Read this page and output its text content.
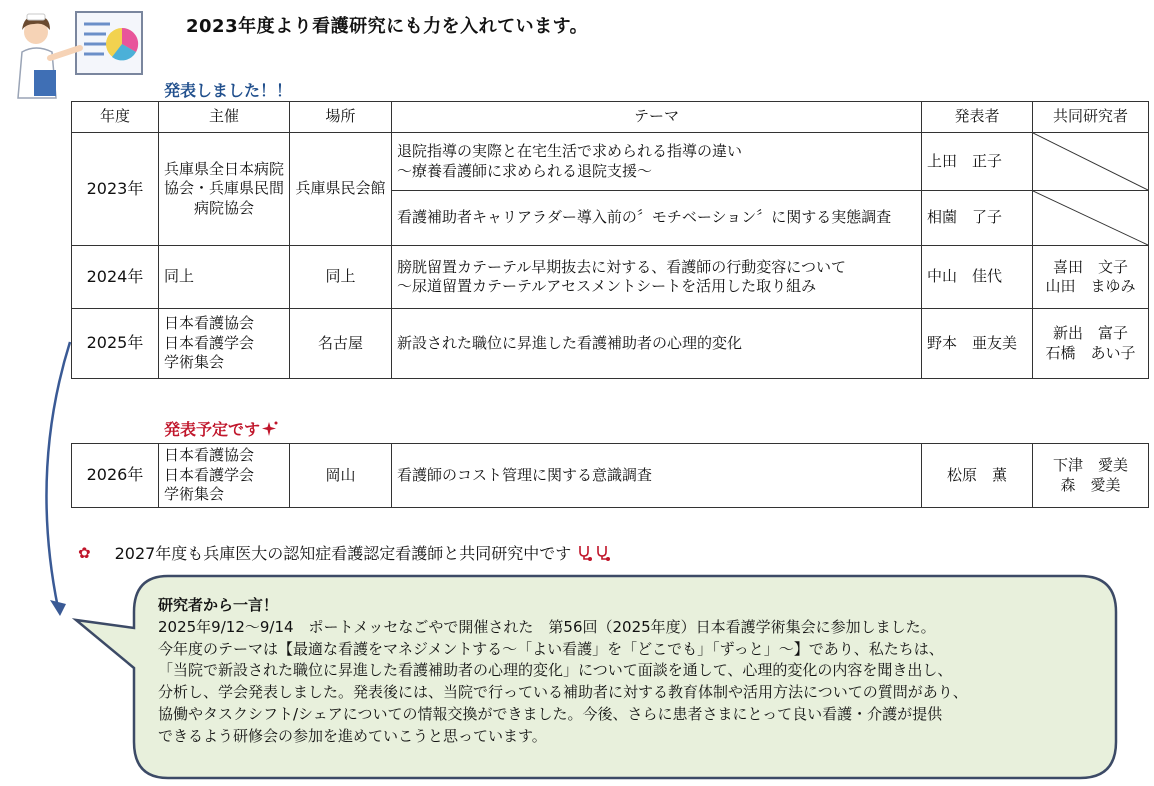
2023年度より看護研究にも力を入れています。
発表しました！！
年度	主催	場所	テーマ	発表者	共同研究者
2023年	兵庫県全日本病院協会・兵庫県民間病院協会	兵庫県民会館	退院指導の実際と在宅生活で求められる指導の違い
～療養看護師に求められる退院支援～	上田　正子	

			看護補助者キャリアラダー導入前の〞モチベーション〞に関する実態調査	相薗　了子	

2024年	同上	同上	膀胱留置カテーテル早期抜去に対する、看護師の行動変容について
～尿道留置カテーテルアセスメントシートを活用した取り組み	中山　佳代	喜田　文子
山田　まゆみ
2025年	日本看護協会
日本看護学会
学術集会	名古屋	新設された職位に昇進した看護補助者の心理的変化	野本　亜友美	新出　富子
石橋　あい子
発表予定です
2026年	日本看護協会
日本看護学会
学術集会	岡山	看護師のコスト管理に関する意識調査	松原　薫	下津　愛美
森　愛美
✿ 2027年度も兵庫医大の認知症看護認定看護師と共同研究中です
研究者から一言！

2025年9/12～9/14　ポートメッセなごやで開催された　第56回（2025年度）日本看護学術集会に参加しました。
今年度のテーマは【最適な看護をマネジメントする～「よい看護」を「どこでも」「ずっと」～】であり、私たちは、
「当院で新設された職位に昇進した看護補助者の心理的変化」について面談を通して、心理的変化の内容を聞き出し、
分析し、学会発表しました。発表後には、当院で行っている補助者に対する教育体制や活用方法についての質問があり、
協働やタスクシフト/シェアについての情報交換ができました。今後、さらに患者さまにとって良い看護・介護が提供
できるよう研修会の参加を進めていこうと思っています。
